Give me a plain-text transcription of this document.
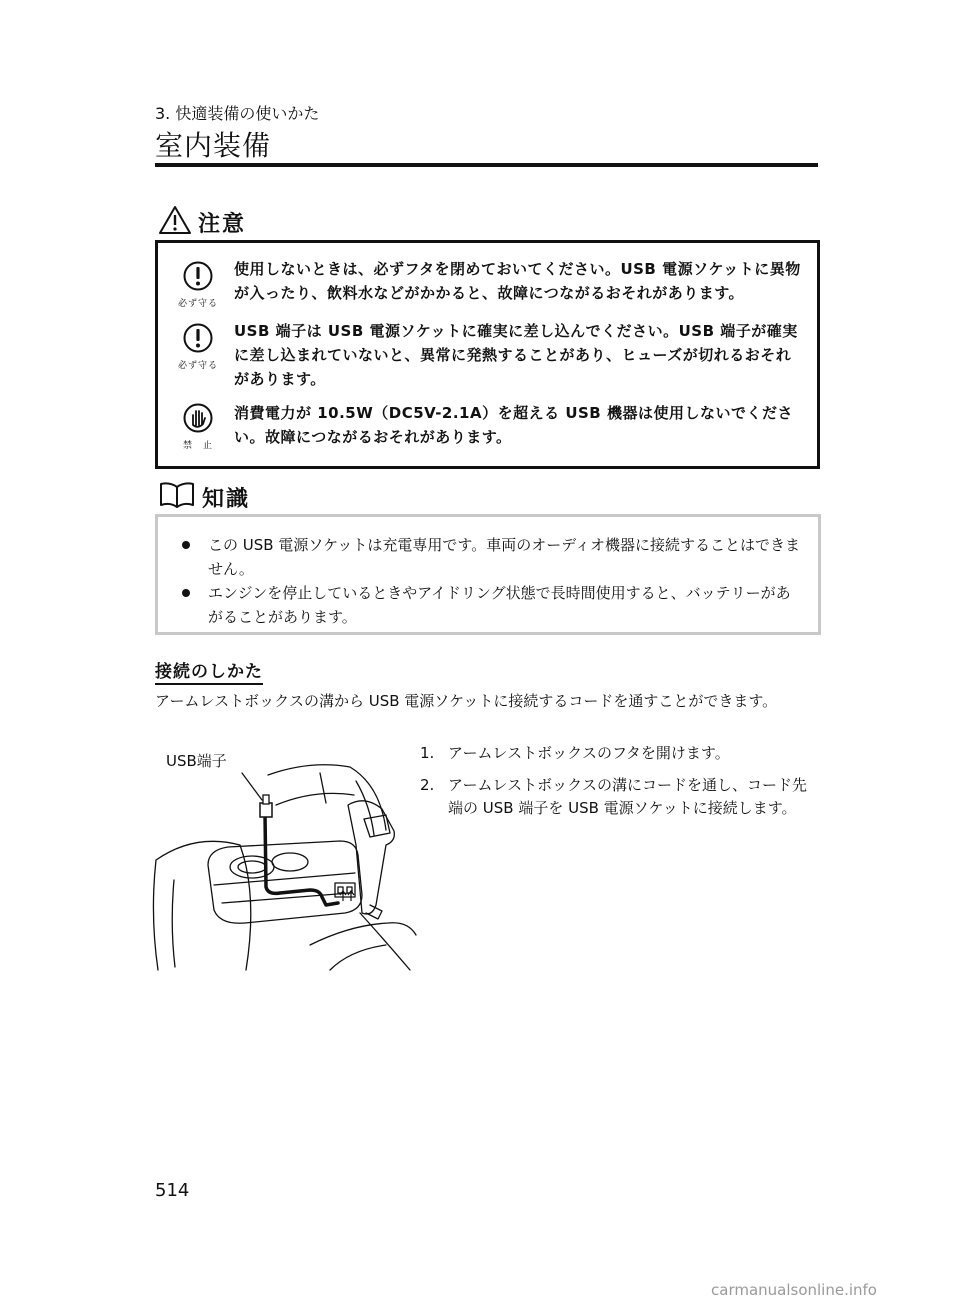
3. 快適装備の使いかた
室内装備
注意
必ず守る
使用しないときは、必ずフタを閉めておいてください。USB 電源ソケットに異物が入ったり、飲料水などがかかると、故障につながるおそれがあります。
必ず守る
USB 端子は USB 電源ソケットに確実に差し込んでください。USB 端子が確実に差し込まれていないと、異常に発熱することがあり、ヒューズが切れるおそれがあります。
禁　止
消費電力が 10.5W（DC5V-2.1A）を超える USB 機器は使用しないでください。故障につながるおそれがあります。
知識
この USB 電源ソケットは充電専用です。車両のオーディオ機器に接続することはできません。
エンジンを停止しているときやアイドリング状態で長時間使用すると、バッテリーがあがることがあります。
接続のしかた
アームレストボックスの溝から USB 電源ソケットに接続するコードを通すことができます。
USB端子	1. アームレストボックスのフタを開けます。
2. アームレストボックスの溝にコードを通し、コード先端の USB 端子を USB 電源ソケットに接続します。
514
carmanualsonline.info
